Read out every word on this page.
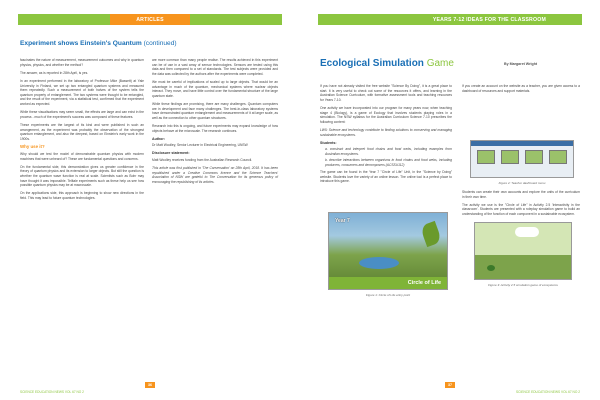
ARTICLES
Experiment shows Einstein's Quantum (continued)

fascinates the nature of measurement, measurement outcomes and why in quantum physics, physics, and whether the method?

The answer, as is reported in 28th April, is yes.

In an experiment performed in the laboratory of Professor Mike (Bassett) at Yale University in Finland, we set up two entangled quantum systems and measured them repeatedly. Such a measurement of both halves of the system tells the quantum property of entanglement. The two systems were thought to be entangled, and the result of the experiment, via a statistical test, confirmed that the experiment worked as expected.

While these visualisations may seem small, the effects are large and can exist in the process - much of the experiment's success was composed of these features.

These experiments are the largest of its kind and were published in such an arrangement, as the experiment was probably the observation of the strongest quantum entanglement, and also the deepest, based on Einstein's early work in the 1900s.

Why use it?

Why should we test the model of demonstrable quantum physics with modern machines that were unheard of? These are fundamental questions and concerns.

On the fundamental side, this demonstration gives us greater confidence in the theory of quantum physics and its extension to larger objects. But still the question is whether the quantum wave function is real at scale. Scientists such as Bohr may have thought it was impossible. Telltale experiments such as these help us see how possible quantum physics may be at macroscale.

On the applications side, this approach is beginning to show new directions in the field. This may lead to future quantum technologies.

are more common than many people realise. The results achieved in this experiment can be of use in a vast array of sensor technologies. Sensors are tested using this data and then compared to a set of standards. The test subjects were provided and the data was collected by the authors after the experiments were completed.

We must be careful of implications of scaled up to large objects. That would be an advantage in much of the quantum, mechanical systems where nuclear objects interact. They move, and have little control over the fundamental structure of the large quantum state.

While these findings are promising, there are many challenges. Quantum computers are in development and face many challenges. The best-in-class laboratory systems have demonstrated quantum entanglement and measurements of it at larger scale, as well as the connection to other quantum structures.

Research into this is ongoing, and future experiments may expand knowledge of how objects behave at the microscale. The research continues.

Author:

Dr Matt Woolley, Senior Lecturer in Electrical Engineering, UNSW

Disclosure statement:

Matt Woolley receives funding from the Australian Research Council.

This article was first published in 'The Conversation' on 28th April, 2018. It has been republished under a Creative Commons licence and the Science Teachers' Association of NSW are grateful to The Conversation for its generous policy of encouraging the republishing of its articles.

36
SCIENCE EDUCATION NEWS VOL 67 NO 2
YEARS 7-12 IDEAS FOR THE CLASSROOM
Ecological Simulation Game	By Margaret Wright

If you have not already visited the free website "Science By Doing", it is a great place to start. It is very useful to check out some of the resources it offers, and learning in the Australian Science Curriculum, with formative assessment tools and teaching resources for Years 7-10.

One activity we have incorporated into our program for many years now, when teaching stage 4 (Biology), is a game of Ecology that involves students playing roles in a simulation. The NSW syllabus for the Australian Curriculum Science 7-10 prescribes the following content:

LW5: Science and technology contribute to finding solutions to conserving and managing sustainable ecosystems.

Students:
a. construct and interpret food chains and food webs, including examples from Australian ecosystems.
b. describe interactions between organisms in food chains and food webs, including producers, consumers and decomposers (ACSSU112)

The game can be found in the Year 7 "Circle of Life" Unit, in the "Science by Doing" website. Students love the variety of an online lesson. The online tool is a perfect place to introduce this game.

Year 7
Circle of Life
Figure 1: Circle of Life entry point

If you create an account on the website as a teacher, you are given access to a dashboard of resources and support materials.

Figure 2: Teacher dashboard menu

Students can create their own accounts and explore the units of the curriculum in their own time.

The activity we use is the "Circle of Life" in Activity 2.5 'Interactivity in the classroom'. Students are presented with a roleplay simulation game to build an understanding of the function of each component in a sustainable ecosystem.

Figure 3: Activity 2.5 simulation game of ecosystems
37
SCIENCE EDUCATION NEWS VOL 67 NO 2
